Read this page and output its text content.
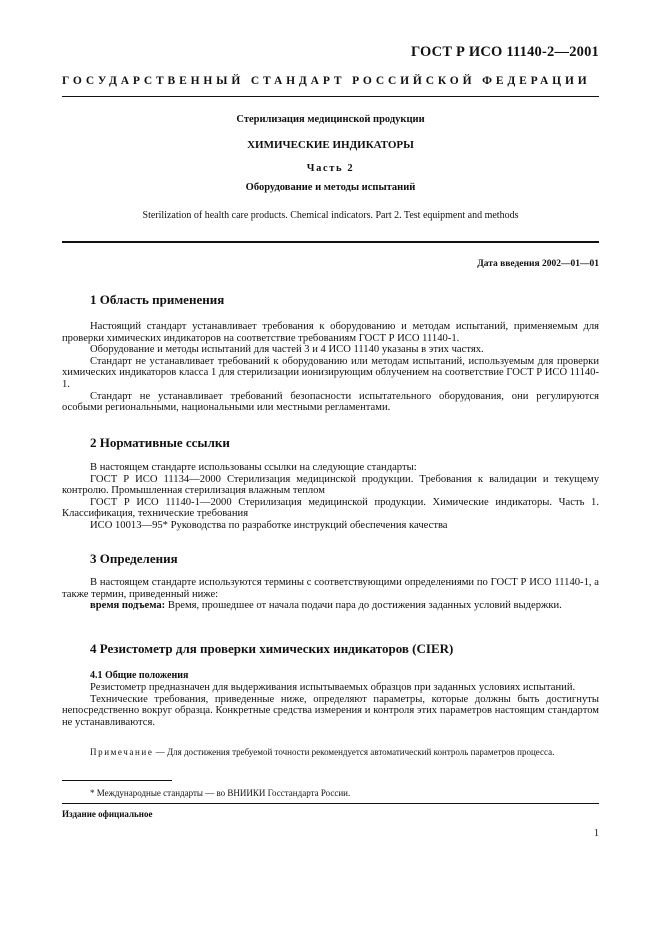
ГОСТ Р ИСО 11140-2—2001
ГОСУДАРСТВЕННЫЙ СТАНДАРТ РОССИЙСКОЙ ФЕДЕРАЦИИ
Стерилизация медицинской продукции
ХИМИЧЕСКИЕ ИНДИКАТОРЫ
Часть 2
Оборудование и методы испытаний
Sterilization of health care products. Chemical indicators. Part 2. Test equipment and methods
Дата введения 2002—01—01
1 Область применения

Настоящий стандарт устанавливает требования к оборудованию и методам испытаний, применяемым для проверки химических индикаторов на соответствие требованиям ГОСТ Р ИСО 11140-1.
Оборудование и методы испытаний для частей 3 и 4 ИСО 11140 указаны в этих частях.
Стандарт не устанавливает требований к оборудованию или методам испытаний, используемым для проверки химических индикаторов класса 1 для стерилизации ионизирующим облучением на соответствие ГОСТ Р ИСО 11140-1.
Стандарт не устанавливает требований безопасности испытательного оборудования, они регулируются особыми региональными, национальными или местными регламентами.

2 Нормативные ссылки

В настоящем стандарте использованы ссылки на следующие стандарты:
ГОСТ Р ИСО 11134—2000 Стерилизация медицинской продукции. Требования к валидации и текущему контролю. Промышленная стерилизация влажным теплом
ГОСТ Р ИСО 11140-1—2000 Стерилизация медицинской продукции. Химические индикаторы. Часть 1. Классификация, технические требования
ИСО 10013—95* Руководства по разработке инструкций обеспечения качества

3 Определения

В настоящем стандарте используются термины с соответствующими определениями по ГОСТ Р ИСО 11140-1, а также термин, приведенный ниже:
время подъема: Время, прошедшее от начала подачи пара до достижения заданных условий выдержки.

4 Резистометр для проверки химических индикаторов (CIER)
4.1 Общие положения

Резистометр предназначен для выдерживания испытываемых образцов при заданных условиях испытаний.
Технические требования, приведенные ниже, определяют параметры, которые должны быть достигнуты непосредственно вокруг образца. Конкретные средства измерения и контроля этих параметров настоящим стандартом не устанавливаются.

Примечание — Для достижения требуемой точности рекомендуется автоматический контроль параметров процесса.
* Международные стандарты — во ВНИИКИ Госстандарта России.
Издание официальное
1
